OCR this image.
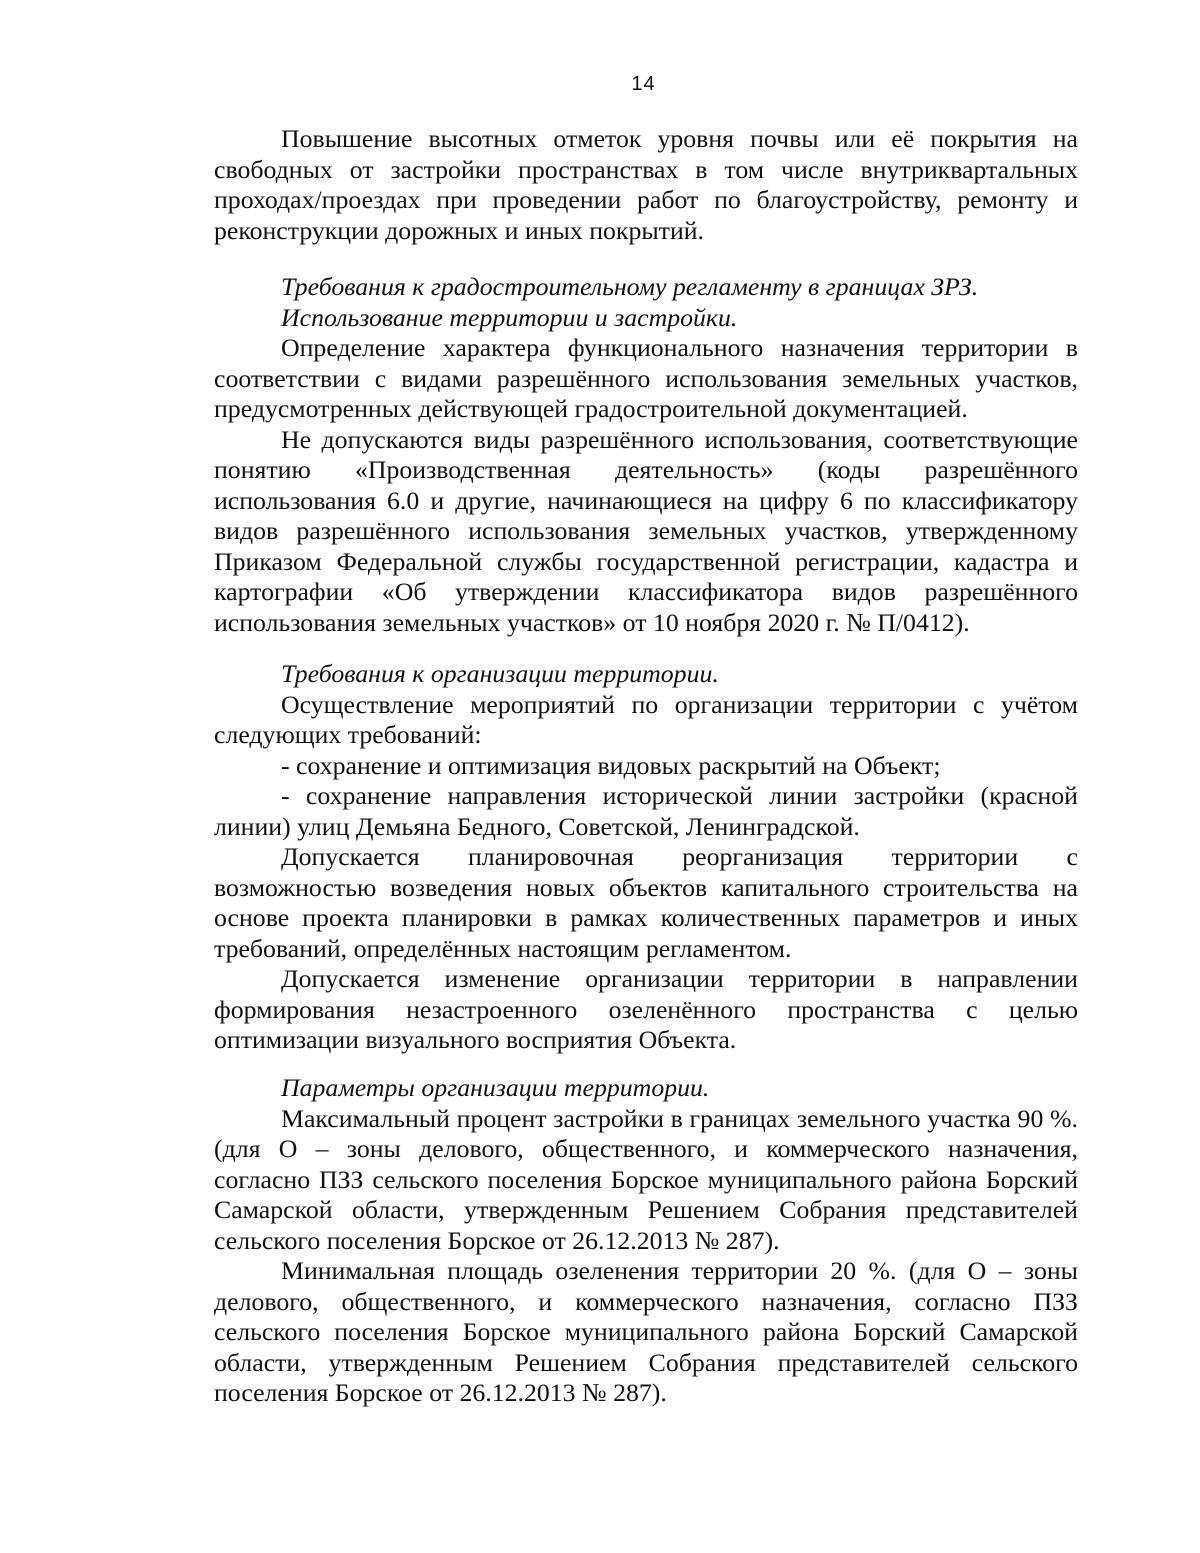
14

Повышение высотных отметок уровня почвы или её покрытия на свободных от застройки пространствах в том числе внутриквартальных проходах/проездах при проведении работ по благоустройству, ремонту и реконструкции дорожных и иных покрытий.

Требования к градостроительному регламенту в границах ЗРЗ.
Использование территории и застройки.

Определение характера функционального назначения территории в соответствии с видами разрешённого использования земельных участков, предусмотренных действующей градостроительной документацией.

Не допускаются виды разрешённого использования, соответствующие понятию «Производственная деятельность» (коды разрешённого использования 6.0 и другие, начинающиеся на цифру 6 по классификатору видов разрешённого использования земельных участков, утвержденному Приказом Федеральной службы государственной регистрации, кадастра и картографии «Об утверждении классификатора видов разрешённого использования земельных участков» от 10 ноября 2020 г. № П/0412).

Требования к организации территории.

Осуществление мероприятий по организации территории с учётом следующих требований:

- сохранение и оптимизация видовых раскрытий на Объект;

- сохранение направления исторической линии застройки (красной линии) улиц Демьяна Бедного, Советской, Ленинградской.

Допускается планировочная реорганизация территории с возможностью возведения новых объектов капитального строительства на основе проекта планировки в рамках количественных параметров и иных требований, определённых настоящим регламентом.

Допускается изменение организации территории в направлении формирования незастроенного озеленённого пространства с целью оптимизации визуального восприятия Объекта.

Параметры организации территории.

Максимальный процент застройки в границах земельного участка 90 %. (для О – зоны делового, общественного, и коммерческого назначения, согласно ПЗЗ сельского поселения Борское муниципального района Борский Самарской области, утвержденным Решением Собрания представителей сельского поселения Борское от 26.12.2013 № 287).

Минимальная площадь озеленения территории 20 %. (для О – зоны делового, общественного, и коммерческого назначения, согласно ПЗЗ сельского поселения Борское муниципального района Борский Самарской области, утвержденным Решением Собрания представителей сельского поселения Борское от 26.12.2013 № 287).
